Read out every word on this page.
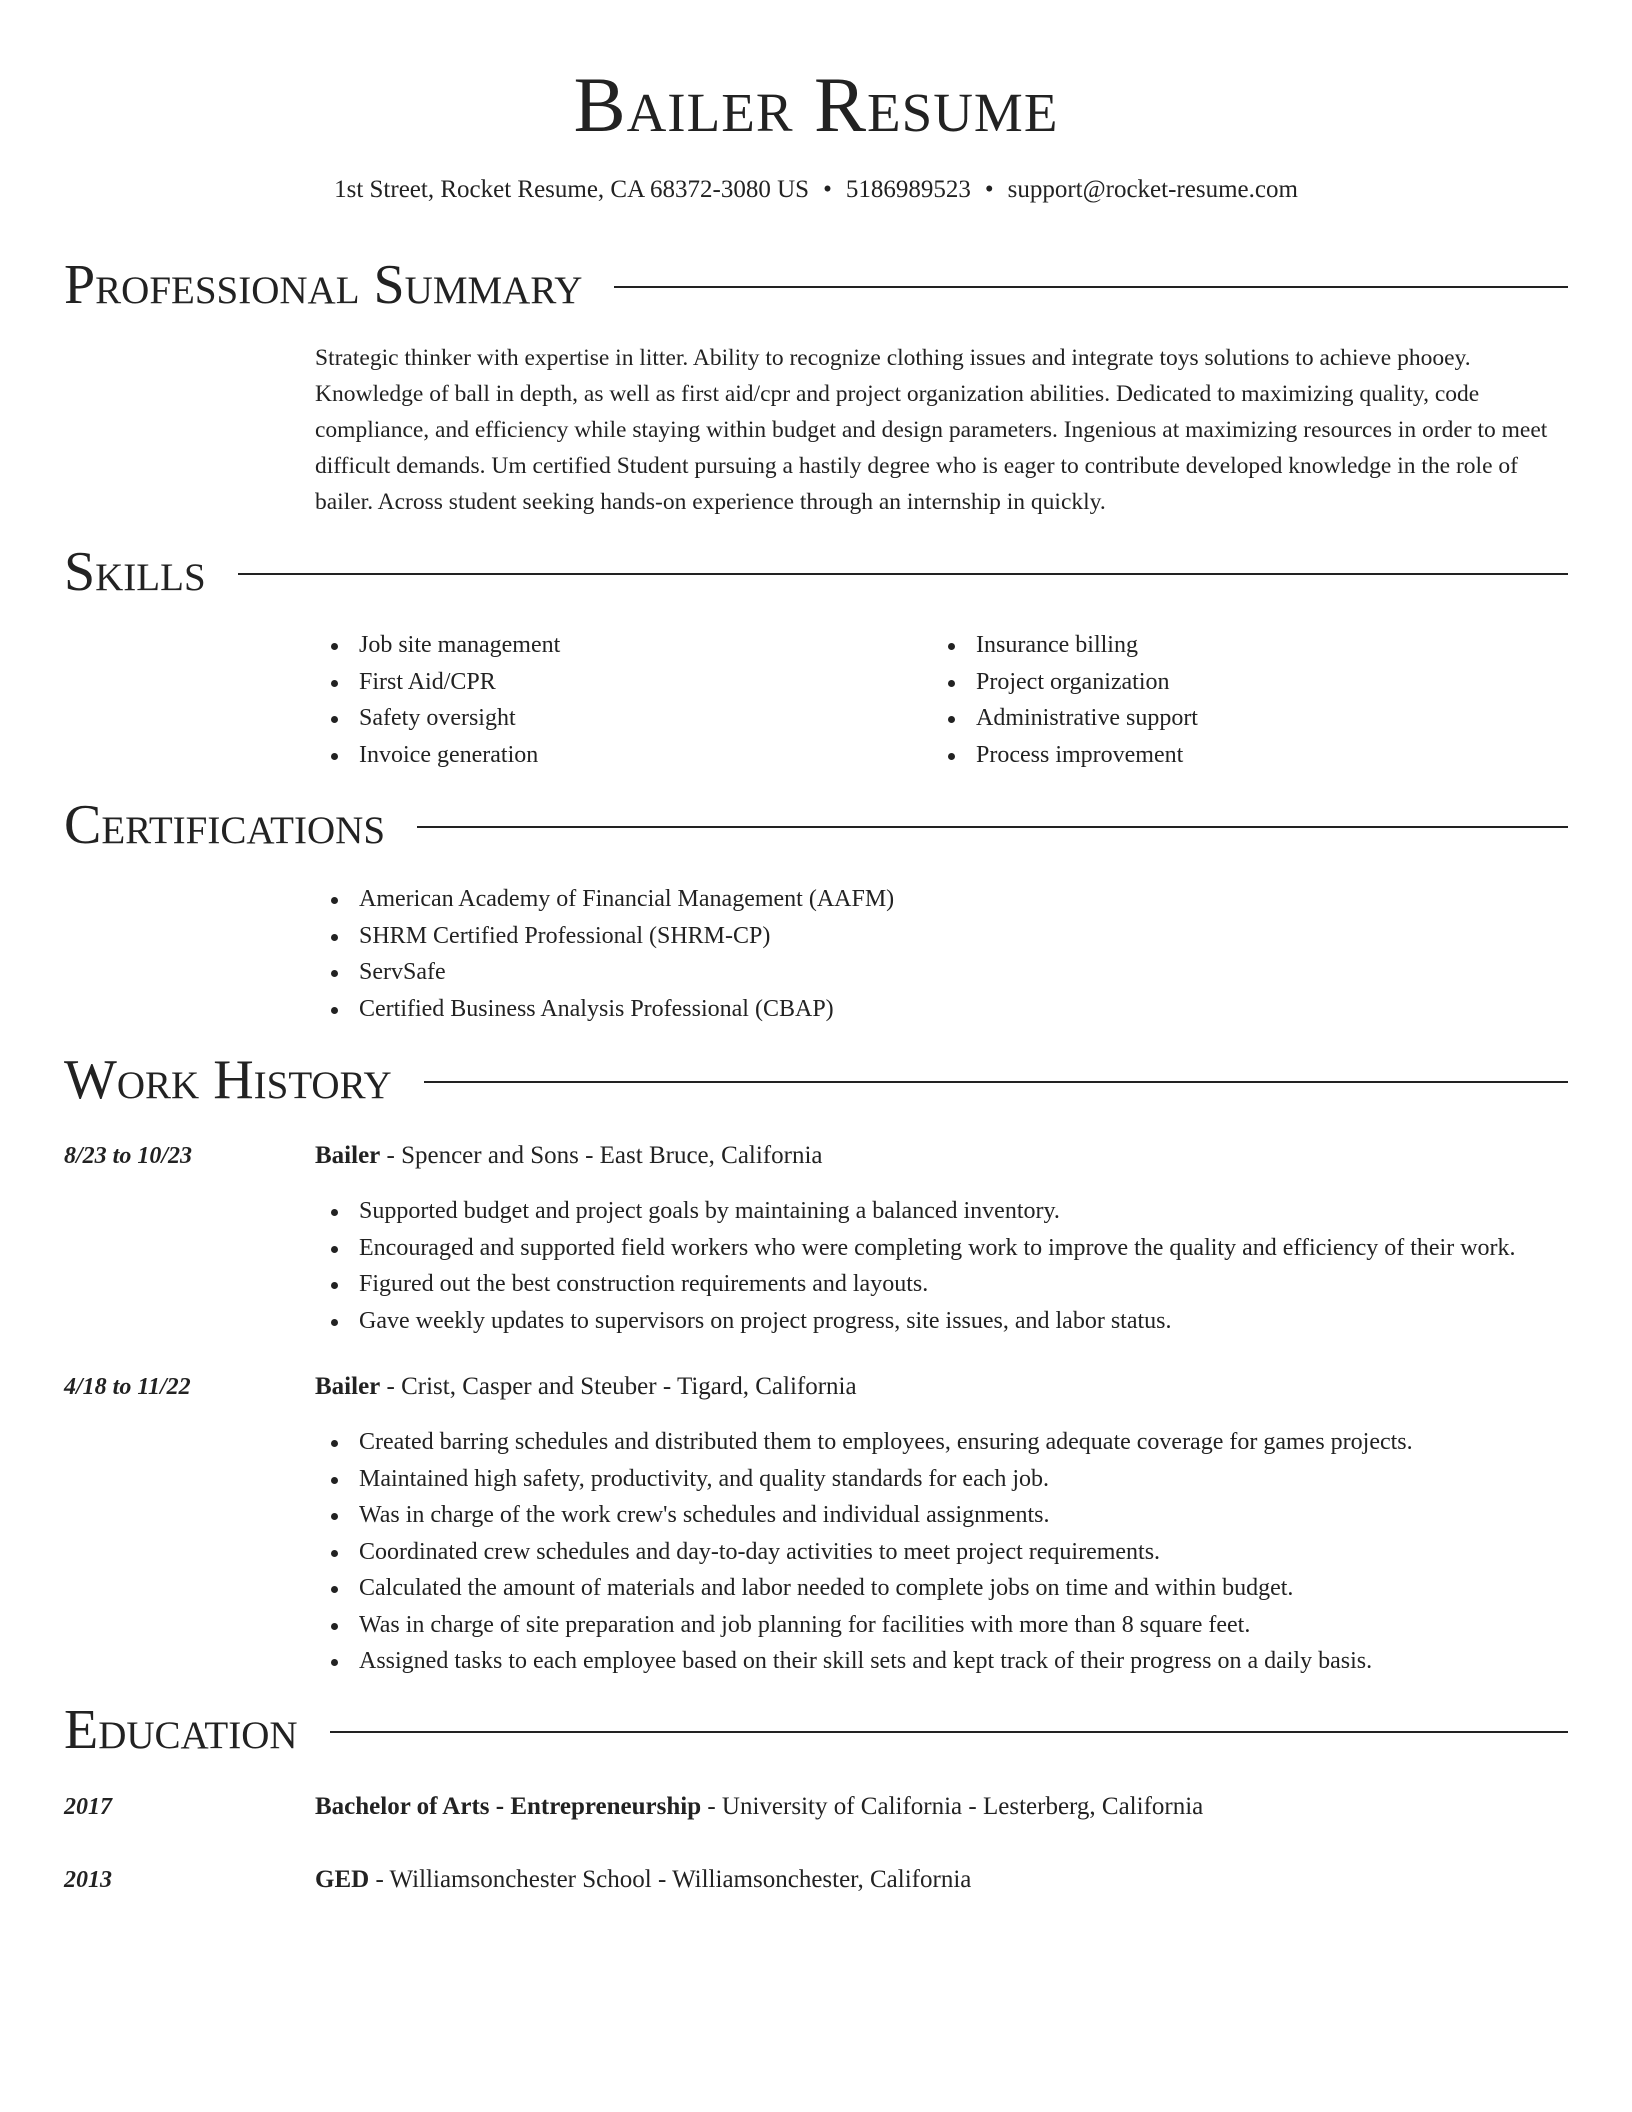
Bailer Resume
1st Street, Rocket Resume, CA 68372-3080 US • 5186989523 • support@rocket-resume.com
Professional Summary
Strategic thinker with expertise in litter. Ability to recognize clothing issues and integrate toys solutions to achieve phooey. Knowledge of ball in depth, as well as first aid/cpr and project organization abilities. Dedicated to maximizing quality, code compliance, and efficiency while staying within budget and design parameters. Ingenious at maximizing resources in order to meet difficult demands. Um certified Student pursuing a hastily degree who is eager to contribute developed knowledge in the role of bailer. Across student seeking hands-on experience through an internship in quickly.
Skills
Job site management
First Aid/CPR
Safety oversight
Invoice generation
Insurance billing
Project organization
Administrative support
Process improvement
Certifications
American Academy of Financial Management (AAFM)
SHRM Certified Professional (SHRM-CP)
ServSafe
Certified Business Analysis Professional (CBAP)
Work History
8/23 to 10/23	Bailer - Spencer and Sons - East Bruce, California
Supported budget and project goals by maintaining a balanced inventory.
Encouraged and supported field workers who were completing work to improve the quality and efficiency of their work.
Figured out the best construction requirements and layouts.
Gave weekly updates to supervisors on project progress, site issues, and labor status.
4/18 to 11/22	Bailer - Crist, Casper and Steuber - Tigard, California
Created barring schedules and distributed them to employees, ensuring adequate coverage for games projects.
Maintained high safety, productivity, and quality standards for each job.
Was in charge of the work crew's schedules and individual assignments.
Coordinated crew schedules and day-to-day activities to meet project requirements.
Calculated the amount of materials and labor needed to complete jobs on time and within budget.
Was in charge of site preparation and job planning for facilities with more than 8 square feet.
Assigned tasks to each employee based on their skill sets and kept track of their progress on a daily basis.
Education
2017	Bachelor of Arts - Entrepreneurship - University of California - Lesterberg, California
2013	GED - Williamsonchester School - Williamsonchester, California
